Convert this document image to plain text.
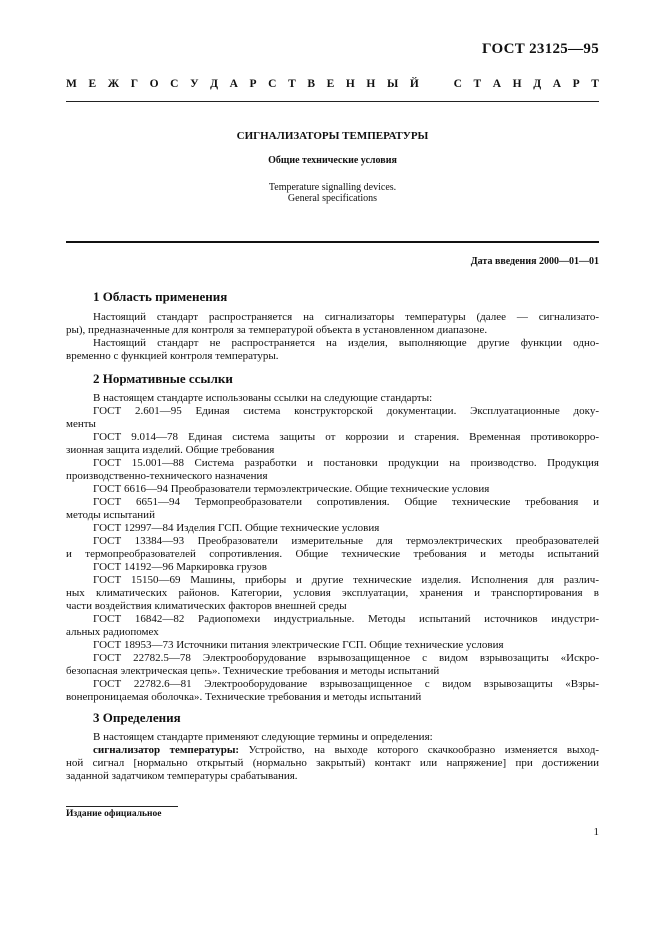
ГОСТ 23125—95
М Е Ж Г О С У Д А Р С Т В Е Н Н Ы Й	С Т А Н Д А Р Т
СИГНАЛИЗАТОРЫ ТЕМПЕРАТУРЫ
Общие технические условия
Temperature signalling devices.
General specifications
Дата введения 2000—01—01
1 Область применения
Настоящий стандарт распространяется на сигнализаторы температуры (далее — сигнализато-
ры), предназначенные для контроля за температурой объекта в установленном диапазоне.
Настоящий стандарт не распространяется на изделия, выполняющие другие функции одно-
временно с функцией контроля температуры.
2 Нормативные ссылки
В настоящем стандарте использованы ссылки на следующие стандарты:
ГОСТ 2.601—95 Единая система конструкторской документации. Эксплуатационные доку-
менты
ГОСТ 9.014—78 Единая система защиты от коррозии и старения. Временная противокорро-
зионная защита изделий. Общие требования
ГОСТ 15.001—88 Система разработки и постановки продукции на производство. Продукция
производственно-технического назначения
ГОСТ 6616—94 Преобразователи термоэлектрические. Общие технические условия
ГОСТ 6651—94 Термопреобразователи сопротивления. Общие технические требования и
методы испытаний
ГОСТ 12997—84 Изделия ГСП. Общие технические условия
ГОСТ 13384—93 Преобразователи измерительные для термоэлектрических преобразователей
и термопреобразователей сопротивления. Общие технические требования и методы испытаний
ГОСТ 14192—96 Маркировка грузов
ГОСТ 15150—69 Машины, приборы и другие технические изделия. Исполнения для различ-
ных климатических районов. Категории, условия эксплуатации, хранения и транспортирования в
части воздействия климатических факторов внешней среды
ГОСТ 16842—82 Радиопомехи индустриальные. Методы испытаний источников индустри-
альных радиопомех
ГОСТ 18953—73 Источники питания электрические ГСП. Общие технические условия
ГОСТ 22782.5—78 Электрооборудование взрывозащищенное с видом взрывозащиты «Искро-
безопасная электрическая цепь». Технические требования и методы испытаний
ГОСТ 22782.6—81 Электрооборудование взрывозащищенное с видом взрывозащиты «Взры-
вонепроницаемая оболочка». Технические требования и методы испытаний
3 Определения
В настоящем стандарте применяют следующие термины и определения:
сигнализатор температуры: Устройство, на выходе которого скачкообразно изменяется выход-
ной сигнал [нормально открытый (нормально закрытый) контакт или напряжение] при достижении
заданной задатчиком температуры срабатывания.
Издание официальное
1
